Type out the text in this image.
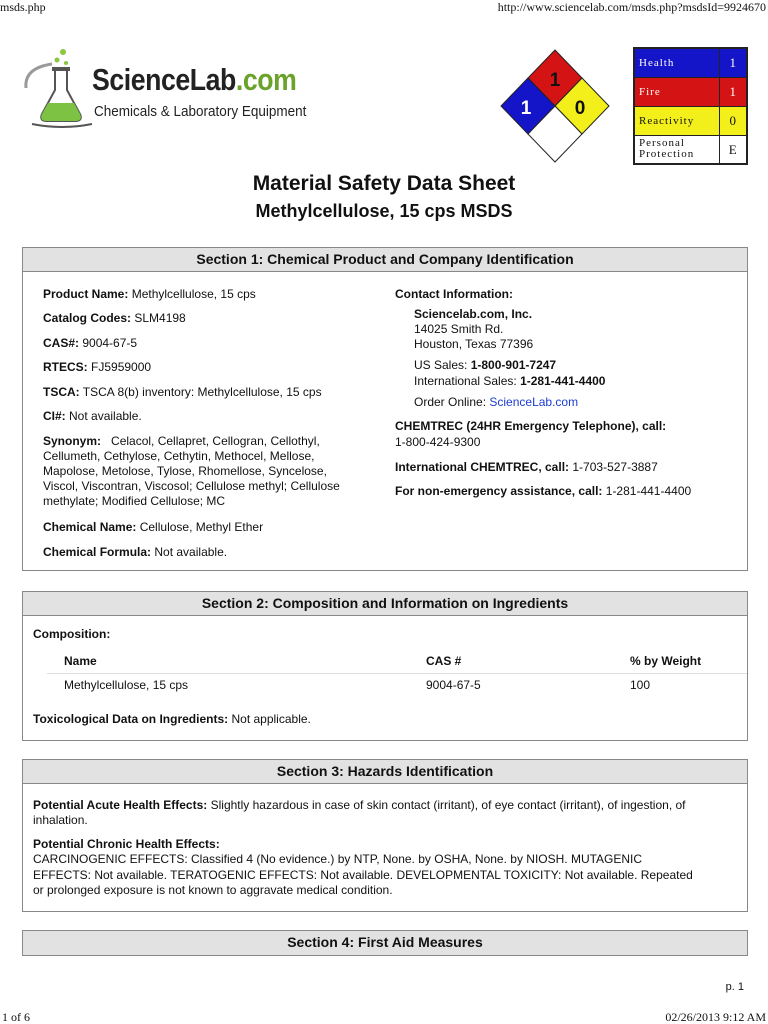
msds.php	http://www.sciencelab.com/msds.php?msdsId=9924670
1 of 6	02/26/2013 9:12 AM
p. 1
ScienceLab.com
Chemicals & Laboratory Equipment
1
1 0
Health	1
Fire	1
Reactivity	0
Personal Protection	E
Material Safety Data Sheet
Methylcellulose, 15 cps MSDS
Section 1: Chemical Product and Company Identification
Product Name: Methylcellulose, 15 cps
Catalog Codes: SLM4198
CAS#: 9004-67-5
RTECS: FJ5959000
TSCA: TSCA 8(b) inventory: Methylcellulose, 15 cps
CI#: Not available.
Synonym: Celacol, Cellapret, Cellogran, Cellothyl,
Cellumeth, Cethylose, Cethytin, Methocel, Mellose,
Mapolose, Metolose, Tylose, Rhomellose, Syncelose,
Viscol, Viscontran, Viscosol; Cellulose methyl; Cellulose
methylate; Modified Cellulose; MC
Chemical Name: Cellulose, Methyl Ether
Chemical Formula: Not available.
Contact Information:
Sciencelab.com, Inc.
14025 Smith Rd.
Houston, Texas 77396
US Sales: 1-800-901-7247
International Sales: 1-281-441-4400
Order Online: ScienceLab.com
CHEMTREC (24HR Emergency Telephone), call:
1-800-424-9300
International CHEMTREC, call: 1-703-527-3887
For non-emergency assistance, call: 1-281-441-4400
Section 2: Composition and Information on Ingredients
Composition:
Name	CAS #	% by Weight
Methylcellulose, 15 cps	9004-67-5	100
Toxicological Data on Ingredients: Not applicable.
Section 3: Hazards Identification
Potential Acute Health Effects: Slightly hazardous in case of skin contact (irritant), of eye contact (irritant), of ingestion, of
inhalation.
Potential Chronic Health Effects:
CARCINOGENIC EFFECTS: Classified 4 (No evidence.) by NTP, None. by OSHA, None. by NIOSH. MUTAGENIC
EFFECTS: Not available. TERATOGENIC EFFECTS: Not available. DEVELOPMENTAL TOXICITY: Not available. Repeated
or prolonged exposure is not known to aggravate medical condition.
Section 4: First Aid Measures
